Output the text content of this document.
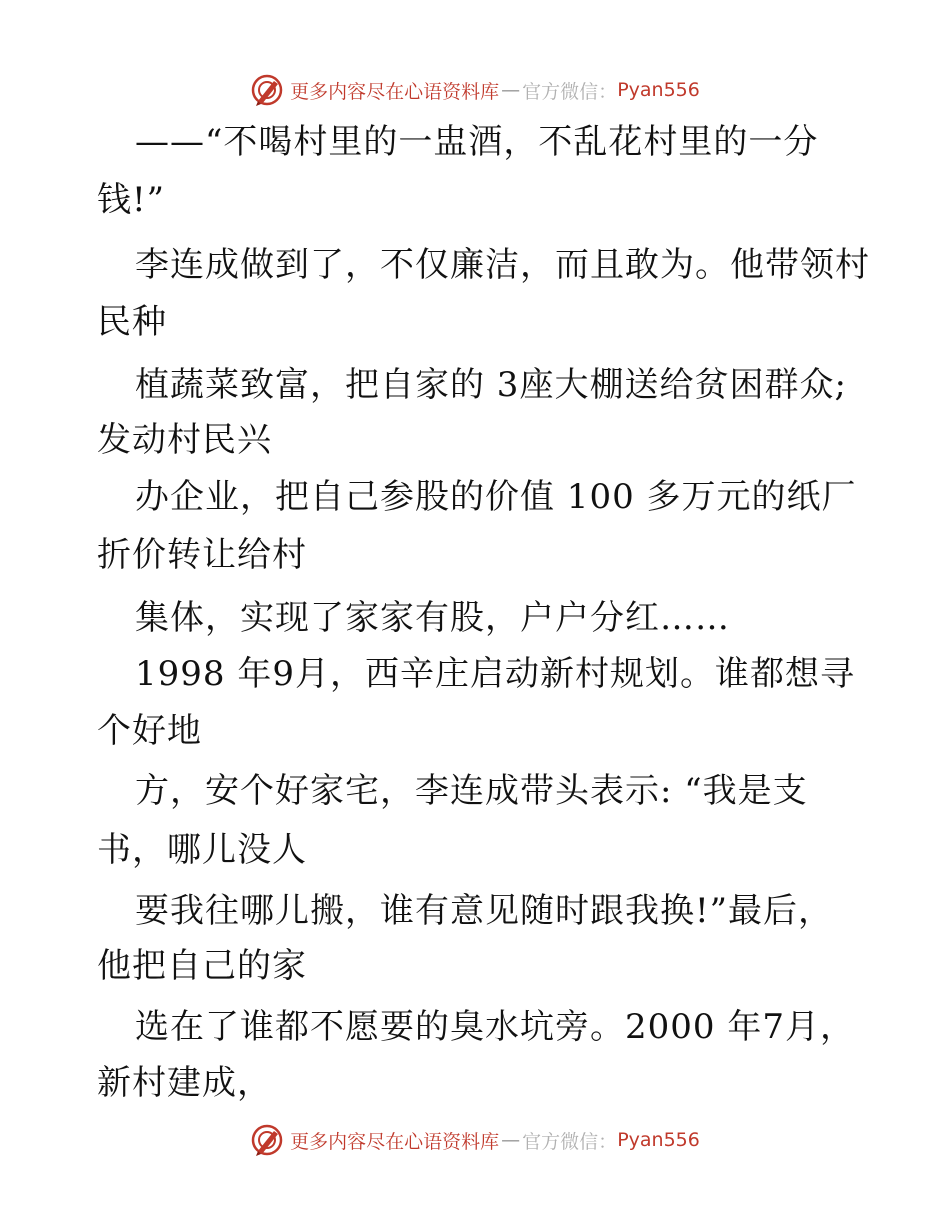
更多内容尽在心语资料库 — 官方微信： Pyan556
——“不喝村里的一盅酒，不乱花村里的一分
钱!”
李连成做到了，不仅廉洁，而且敢为。他带领村
民种
植蔬菜致富，把自家的 3座大棚送给贫困群众;
发动村民兴
办企业，把自己参股的价值 100 多万元的纸厂
折价转让给村
集体，实现了家家有股，户户分红……
1998 年9月，西辛庄启动新村规划。谁都想寻
个好地
方，安个好家宅，李连成带头表示: “我是支
书，哪儿没人
要我往哪儿搬，谁有意见随时跟我换!”最后，
他把自己的家
选在了谁都不愿要的臭水坑旁。2000 年7月，
新村建成，
更多内容尽在心语资料库 — 官方微信： Pyan556
